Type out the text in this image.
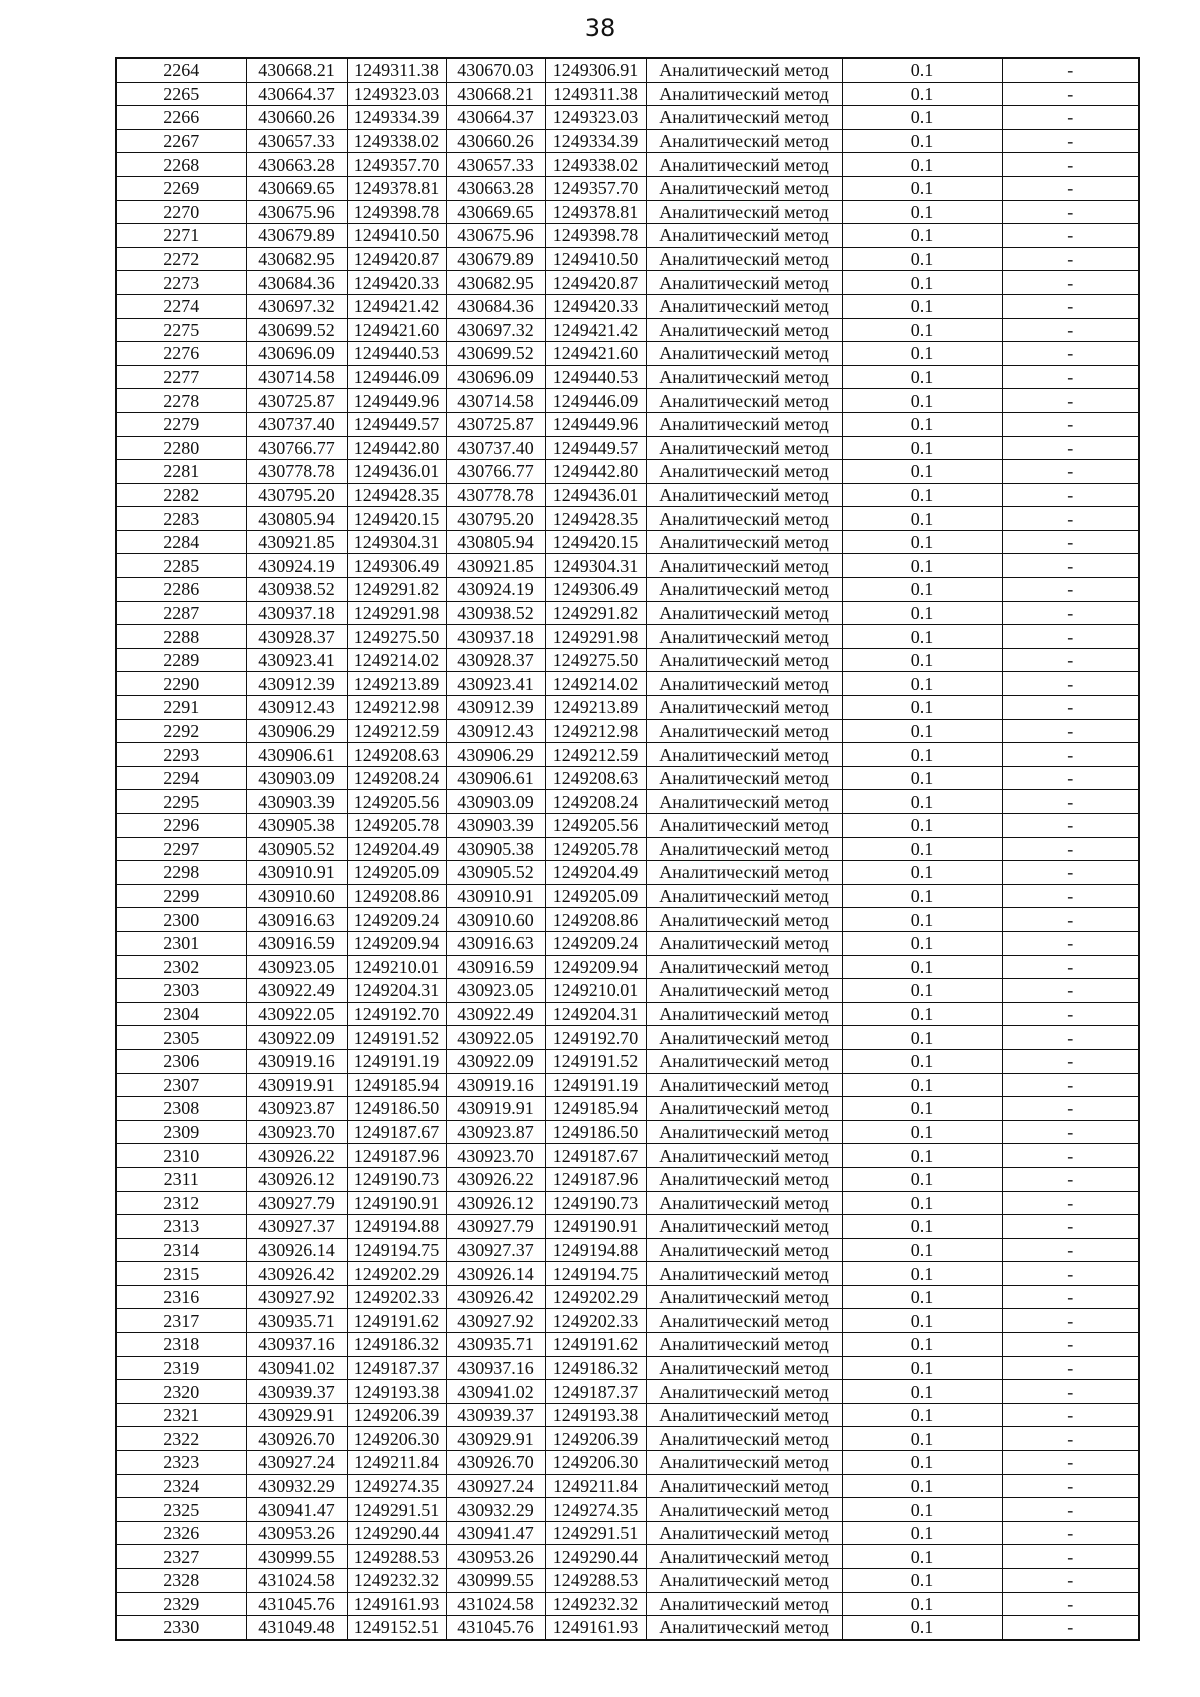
38
2264	430668.21	1249311.38	430670.03	1249306.91	Аналитический метод	0.1	-
2265	430664.37	1249323.03	430668.21	1249311.38	Аналитический метод	0.1	-
2266	430660.26	1249334.39	430664.37	1249323.03	Аналитический метод	0.1	-
2267	430657.33	1249338.02	430660.26	1249334.39	Аналитический метод	0.1	-
2268	430663.28	1249357.70	430657.33	1249338.02	Аналитический метод	0.1	-
2269	430669.65	1249378.81	430663.28	1249357.70	Аналитический метод	0.1	-
2270	430675.96	1249398.78	430669.65	1249378.81	Аналитический метод	0.1	-
2271	430679.89	1249410.50	430675.96	1249398.78	Аналитический метод	0.1	-
2272	430682.95	1249420.87	430679.89	1249410.50	Аналитический метод	0.1	-
2273	430684.36	1249420.33	430682.95	1249420.87	Аналитический метод	0.1	-
2274	430697.32	1249421.42	430684.36	1249420.33	Аналитический метод	0.1	-
2275	430699.52	1249421.60	430697.32	1249421.42	Аналитический метод	0.1	-
2276	430696.09	1249440.53	430699.52	1249421.60	Аналитический метод	0.1	-
2277	430714.58	1249446.09	430696.09	1249440.53	Аналитический метод	0.1	-
2278	430725.87	1249449.96	430714.58	1249446.09	Аналитический метод	0.1	-
2279	430737.40	1249449.57	430725.87	1249449.96	Аналитический метод	0.1	-
2280	430766.77	1249442.80	430737.40	1249449.57	Аналитический метод	0.1	-
2281	430778.78	1249436.01	430766.77	1249442.80	Аналитический метод	0.1	-
2282	430795.20	1249428.35	430778.78	1249436.01	Аналитический метод	0.1	-
2283	430805.94	1249420.15	430795.20	1249428.35	Аналитический метод	0.1	-
2284	430921.85	1249304.31	430805.94	1249420.15	Аналитический метод	0.1	-
2285	430924.19	1249306.49	430921.85	1249304.31	Аналитический метод	0.1	-
2286	430938.52	1249291.82	430924.19	1249306.49	Аналитический метод	0.1	-
2287	430937.18	1249291.98	430938.52	1249291.82	Аналитический метод	0.1	-
2288	430928.37	1249275.50	430937.18	1249291.98	Аналитический метод	0.1	-
2289	430923.41	1249214.02	430928.37	1249275.50	Аналитический метод	0.1	-
2290	430912.39	1249213.89	430923.41	1249214.02	Аналитический метод	0.1	-
2291	430912.43	1249212.98	430912.39	1249213.89	Аналитический метод	0.1	-
2292	430906.29	1249212.59	430912.43	1249212.98	Аналитический метод	0.1	-
2293	430906.61	1249208.63	430906.29	1249212.59	Аналитический метод	0.1	-
2294	430903.09	1249208.24	430906.61	1249208.63	Аналитический метод	0.1	-
2295	430903.39	1249205.56	430903.09	1249208.24	Аналитический метод	0.1	-
2296	430905.38	1249205.78	430903.39	1249205.56	Аналитический метод	0.1	-
2297	430905.52	1249204.49	430905.38	1249205.78	Аналитический метод	0.1	-
2298	430910.91	1249205.09	430905.52	1249204.49	Аналитический метод	0.1	-
2299	430910.60	1249208.86	430910.91	1249205.09	Аналитический метод	0.1	-
2300	430916.63	1249209.24	430910.60	1249208.86	Аналитический метод	0.1	-
2301	430916.59	1249209.94	430916.63	1249209.24	Аналитический метод	0.1	-
2302	430923.05	1249210.01	430916.59	1249209.94	Аналитический метод	0.1	-
2303	430922.49	1249204.31	430923.05	1249210.01	Аналитический метод	0.1	-
2304	430922.05	1249192.70	430922.49	1249204.31	Аналитический метод	0.1	-
2305	430922.09	1249191.52	430922.05	1249192.70	Аналитический метод	0.1	-
2306	430919.16	1249191.19	430922.09	1249191.52	Аналитический метод	0.1	-
2307	430919.91	1249185.94	430919.16	1249191.19	Аналитический метод	0.1	-
2308	430923.87	1249186.50	430919.91	1249185.94	Аналитический метод	0.1	-
2309	430923.70	1249187.67	430923.87	1249186.50	Аналитический метод	0.1	-
2310	430926.22	1249187.96	430923.70	1249187.67	Аналитический метод	0.1	-
2311	430926.12	1249190.73	430926.22	1249187.96	Аналитический метод	0.1	-
2312	430927.79	1249190.91	430926.12	1249190.73	Аналитический метод	0.1	-
2313	430927.37	1249194.88	430927.79	1249190.91	Аналитический метод	0.1	-
2314	430926.14	1249194.75	430927.37	1249194.88	Аналитический метод	0.1	-
2315	430926.42	1249202.29	430926.14	1249194.75	Аналитический метод	0.1	-
2316	430927.92	1249202.33	430926.42	1249202.29	Аналитический метод	0.1	-
2317	430935.71	1249191.62	430927.92	1249202.33	Аналитический метод	0.1	-
2318	430937.16	1249186.32	430935.71	1249191.62	Аналитический метод	0.1	-
2319	430941.02	1249187.37	430937.16	1249186.32	Аналитический метод	0.1	-
2320	430939.37	1249193.38	430941.02	1249187.37	Аналитический метод	0.1	-
2321	430929.91	1249206.39	430939.37	1249193.38	Аналитический метод	0.1	-
2322	430926.70	1249206.30	430929.91	1249206.39	Аналитический метод	0.1	-
2323	430927.24	1249211.84	430926.70	1249206.30	Аналитический метод	0.1	-
2324	430932.29	1249274.35	430927.24	1249211.84	Аналитический метод	0.1	-
2325	430941.47	1249291.51	430932.29	1249274.35	Аналитический метод	0.1	-
2326	430953.26	1249290.44	430941.47	1249291.51	Аналитический метод	0.1	-
2327	430999.55	1249288.53	430953.26	1249290.44	Аналитический метод	0.1	-
2328	431024.58	1249232.32	430999.55	1249288.53	Аналитический метод	0.1	-
2329	431045.76	1249161.93	431024.58	1249232.32	Аналитический метод	0.1	-
2330	431049.48	1249152.51	431045.76	1249161.93	Аналитический метод	0.1	-
